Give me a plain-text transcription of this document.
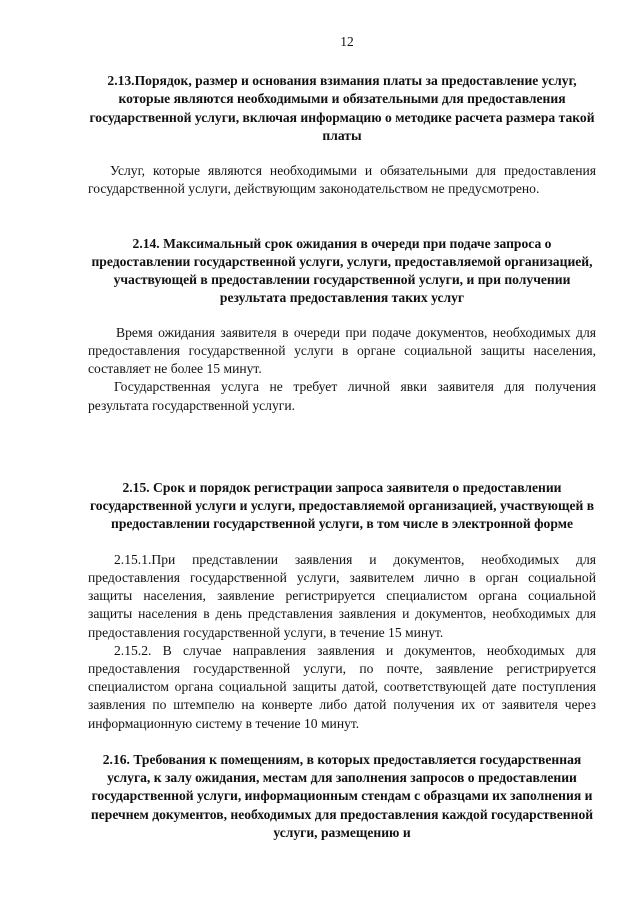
12
2.13.Порядок, размер и основания взимания платы за предоставление услуг, которые являются необходимыми и обязательными для предоставления государственной услуги, включая информацию о методике расчета размера такой платы

Услуг, которые являются необходимыми и обязательными для предоставления государственной услуги, действующим законодательством не предусмотрено.

2.14. Максимальный срок ожидания в очереди при подаче запроса о предоставлении государственной услуги, услуги, предоставляемой организацией, участвующей в предоставлении государственной услуги, и при получении результата предоставления таких услуг

Время ожидания заявителя в очереди при подаче документов, необходимых для предоставления государственной услуги в органе социальной защиты населения, составляет не более 15 минут.

Государственная услуга не требует личной явки заявителя для получения результата государственной услуги.

2.15. Срок и порядок регистрации запроса заявителя о предоставлении государственной услуги и услуги, предоставляемой организацией, участвующей в предоставлении государственной услуги, в том числе в электронной форме

2.15.1.При представлении заявления и документов, необходимых для предоставления государственной услуги, заявителем лично в орган социальной защиты населения, заявление регистрируется специалистом органа социальной защиты населения в день представления заявления и документов, необходимых для предоставления государственной услуги, в течение 15 минут.

2.15.2. В случае направления заявления и документов, необходимых для предоставления государственной услуги, по почте, заявление регистрируется специалистом органа социальной защиты датой, соответствующей дате поступления заявления по штемпелю на конверте либо датой получения их от заявителя через информационную систему в течение 10 минут.

2.16. Требования к помещениям, в которых предоставляется государственная услуга, к залу ожидания, местам для заполнения запросов о предоставлении государственной услуги, информационным стендам с образцами их заполнения и перечнем документов, необходимых для предоставления каждой государственной услуги, размещению и
